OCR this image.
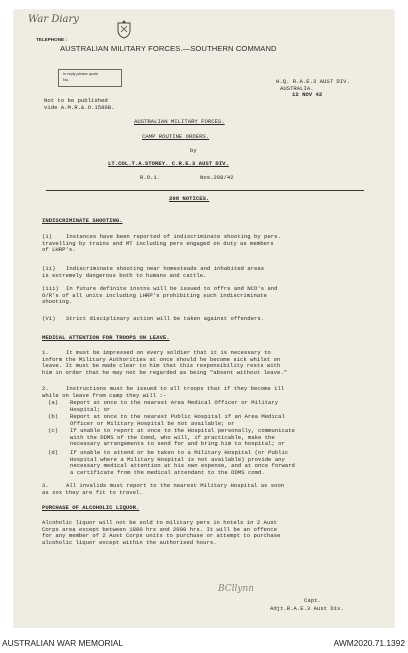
War Diary
TELEPHONE :
AUSTRALIAN MILITARY FORCES.—SOUTHERN COMMAND
In reply please quote
No.	H.Q. R.A.E.3 AUST DIV.
AUSTRALIA.
12 NOV 42
Not to be published
vide A.M.R.&.O.1586B.
AUSTRALIAN MILITARY FORCES.
CAMP ROUTINE ORDERS.
by
LT.COL.T.A.STOREY. C.R.E.3 AUST DIV.
R.O.1.	Nos.208/42
208 NOTICES.
INDISCRIMINATE SHOOTING.
(i)	Instances have been reported of indiscriminate shooting by pers.
travelling by trains and MT including pers engaged on duty as members
of LHRP's.
(ii)	Indiscriminate shooting near homesteads and inhabited areas
is extremely dangerous both to humans and cattle.
(iii)	In future definite instns will be issued to offrs and NCO's and
O/R's of all units including LHRP's prohibiting such indiscriminate
shooting.
(Vi)	Strict disciplinary action will be taken against offenders.
MEDICAL ATTENTION FOR TROOPS ON LEAVE.
1.	It must be impressed on every soldier that it is necessary to
inform the Military Authorities at once should he become sick whilst on
leave. It must be made clear to him that this responsibility rests with
him in order that he may not be regarded as being "absent without leave."
2.	Instructions must be issued to all troops that if they become ill
while on leave from camp they will :-
(a) Report at once to the nearest Area Medical Officer or Military
Hospital; or
(b) Report at once to the nearest Public Hospital if an Area Medical
Officer or Military Hospital be not available; or
(c) If unable to report at once to the Hospital personally, communicate
with the DDMS of the Comd, who will, if practicable, make the
necessary arrangements to send for and bring him to hospital; or
(d) If unable to attend or be taken to a Military Hospital (or Public
Hospital where a Military Hospital is not available) provide any
necessary medical attention at his own expense, and at once forward
a certificate from the medical attendant to the DDMS comd.
3.	All invalids must report to the nearest Military Hospital as soon
as xxx they are fit to travel.
PURCHASE OF ALCOHOLIC LIQUOR.
Alcoholic liquor will not be sold to military pers in hotels in 2 Aust
Corps area except between 1800 hrs and 2000 hrs. It will be an offence
for any member of 2 Aust Corps units to purchase or attempt to purchase
alcoholic liquor except within the authorised hours.
BCllynn
Capt.
Adjt.R.A.E.3 Aust Div.
AUSTRALIAN WAR MEMORIAL	AWM2020.71.1392
